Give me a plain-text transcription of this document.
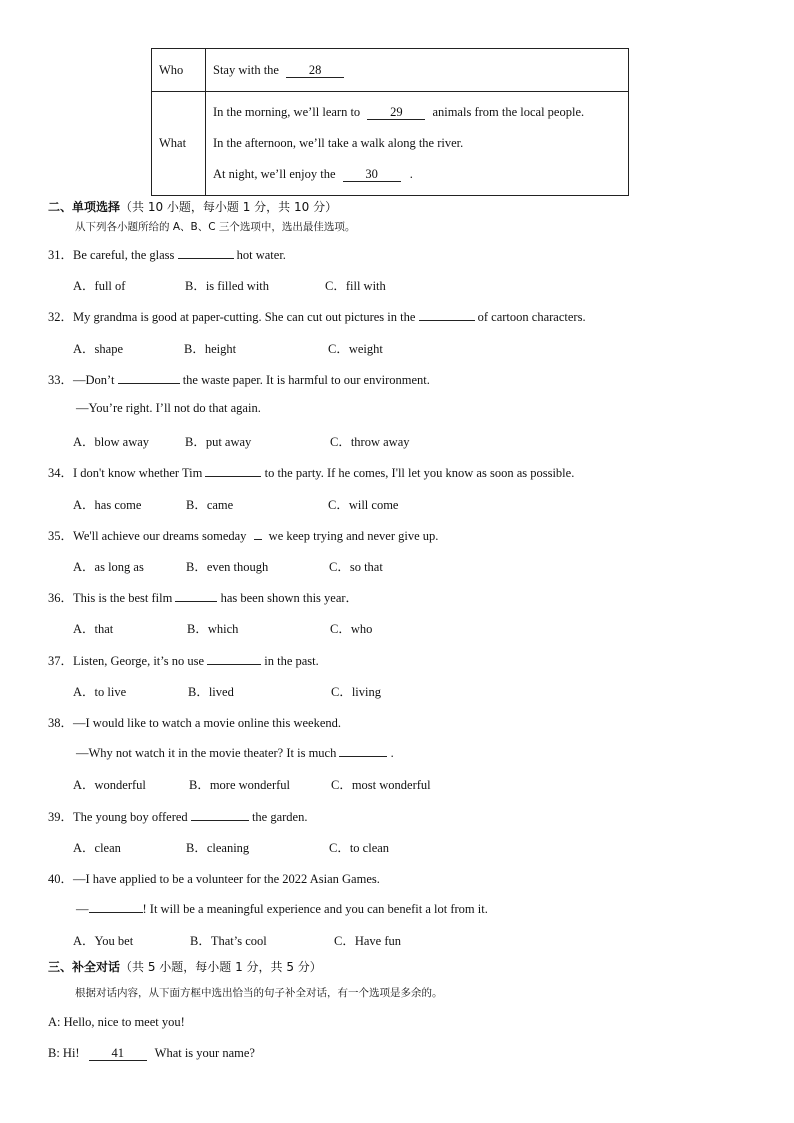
Who	Stay with the 28
What	In the morning, we’ll learn to 29 animals from the local people.
In the afternoon, we’ll take a walk along the river.
At night, we’ll enjoy the 30 .
二、单项选择（共 10 小题，每小题 1 分，共 10 分）
从下列各小题所给的 A、B、C 三个选项中，选出最佳选项。
31．Be careful, the glass	hot water.
A．full of	B．is filled with	C．fill with
32．My grandma is good at paper-cutting. She can cut out pictures in the	of cartoon characters.
A．shape	B．height	C．weight
33．—Don’t	the waste paper. It is harmful to our environment.
—You’re right. I’ll not do that again.
A．blow away	B．put away	C．throw away
34．I don't know whether Tim	to the party. If he comes, I'll let you know as soon as possible.
A．has come	B．came	C．will come
35．We'll achieve our dreams someday we keep trying and never give up.
A．as long as	B．even though	C．so that
36．This is the best film	has been shown this year．
A．that	B．which	C．who
37．Listen, George, it’s no use	in the past.
A．to live	B．lived	C．living
38．—I would like to watch a movie online this weekend.
—Why not watch it in the movie theater? It is much	.
A．wonderful	B．more wonderful	C．most wonderful
39．The young boy offered	the garden.
A．clean	B．cleaning	C．to clean
40．—I have applied to be a volunteer for the 2022 Asian Games.
—	! It will be a meaningful experience and you can benefit a lot from it.
A．You bet	B．That’s cool	C．Have fun
三、补全对话（共 5 小题，每小题 1 分，共 5 分）
根据对话内容，从下面方框中选出恰当的句子补全对话，有一个选项是多余的。
A: Hello, nice to meet you!
B: Hi!	41 What is your name?
